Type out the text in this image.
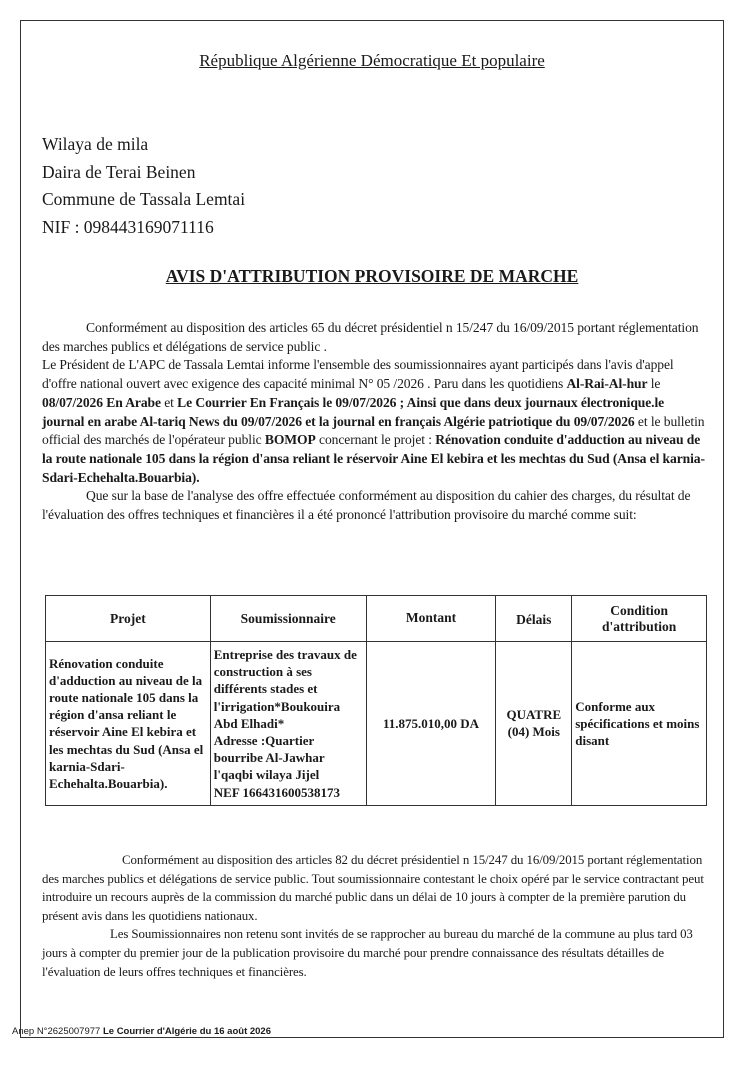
République Algérienne Démocratique Et populaire
Wilaya de mila
Daira de Terai Beinen
Commune de Tassala Lemtai
NIF : 098443169071116
AVIS D'ATTRIBUTION PROVISOIRE DE MARCHE

Conformément au disposition des articles 65 du décret présidentiel n 15/247 du 16/09/2015 portant réglementation des marches publics et délégations de service public .

Le Président de L'APC de Tassala Lemtai informe l'ensemble des soumissionnaires ayant participés dans l'avis d'appel d'offre national ouvert avec exigence des capacité minimal N° 05 /2026 . Paru dans les quotidiens Al-Rai-Al-hur le 08/07/2026 En Arabe et Le Courrier En Français le 09/07/2026 ; Ainsi que dans deux journaux électronique.le journal en arabe Al-tariq News du 09/07/2026 et la journal en français Algérie patriotique du 09/07/2026 et le bulletin official des marchés de l'opérateur public BOMOP concernant le projet : Rénovation conduite d'adduction au niveau de la route nationale 105 dans la région d'ansa reliant le réservoir Aine El kebira et les mechtas du Sud (Ansa el karnia-Sdari-Echehalta.Bouarbia).

Que sur la base de l'analyse des offre effectuée conformément au disposition du cahier des charges, du résultat de l'évaluation des offres techniques et financières il a été prononcé l'attribution provisoire du marché comme suit:

Projet	Soumissionnaire	Montant	Délais	Condition d'attribution
Rénovation conduite d'adduction au niveau de la route nationale 105 dans la région d'ansa reliant le réservoir Aine El kebira et les mechtas du Sud (Ansa el karnia-Sdari-Echehalta.Bouarbia).	Entreprise des travaux de construction à ses différents stades et l'irrigation*Boukouira Abd Elhadi*
Adresse :Quartier bourribe Al-Jawhar l'qaqbi wilaya Jijel
NEF 166431600538173	11.875.010,00 DA	QUATRE (04) Mois	Conforme aux spécifications et moins disant

Conformément au disposition des articles 82 du décret présidentiel n 15/247 du 16/09/2015 portant réglementation des marches publics et délégations de service public. Tout soumissionnaire contestant le choix opéré par le service contractant peut introduire un recours auprès de la commission du marché public dans un délai de 10 jours à compter de la première parution du présent avis dans les quotidiens nationaux.

Les Soumissionnaires non retenu sont invités de se rapprocher au bureau du marché de la commune au plus tard 03 jours à compter du premier jour de la publication provisoire du marché pour prendre connaissance des résultats détailles de l'évaluation de leurs offres techniques et financières.

Anep N°2625007977 Le Courrier d'Algérie du 16 août 2026
